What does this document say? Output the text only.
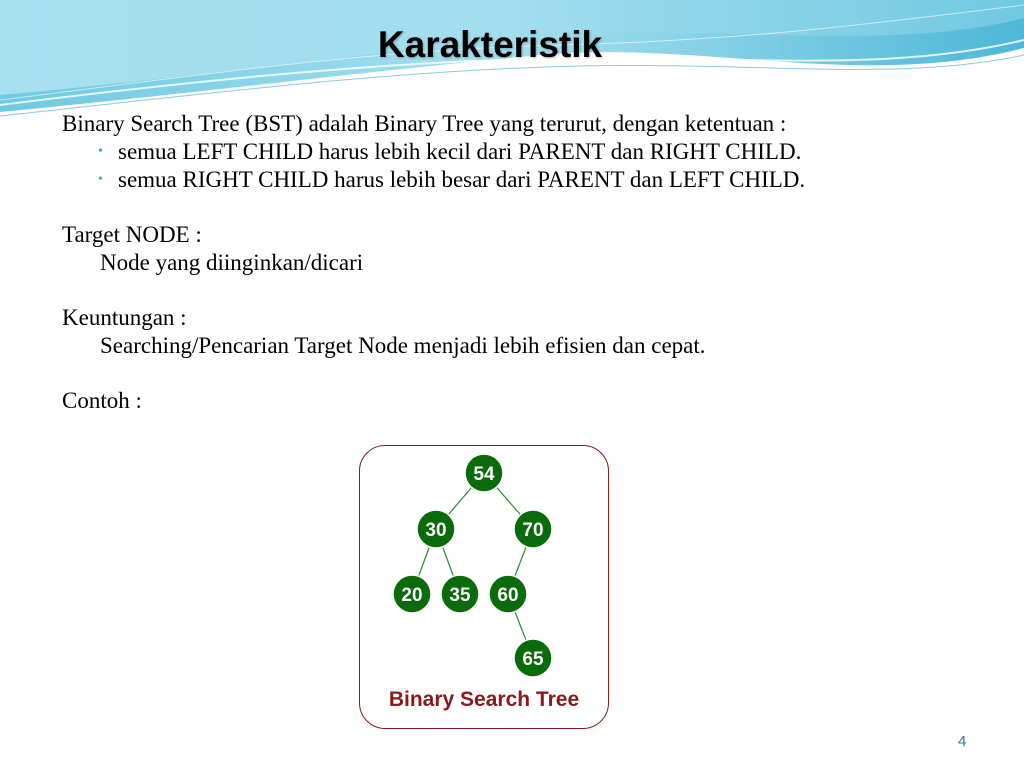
Karakteristik
Binary Search Tree (BST) adalah Binary Tree yang terurut, dengan ketentuan :
• semua LEFT CHILD harus lebih kecil dari PARENT dan RIGHT CHILD.
• semua RIGHT CHILD harus lebih besar dari PARENT dan LEFT CHILD.
Target NODE :
Node yang diinginkan/dicari
Keuntungan :
Searching/Pencarian Target Node menjadi lebih efisien dan cepat.
Contoh :
54
30	70
20 35 60
65
Binary Search Tree
4
